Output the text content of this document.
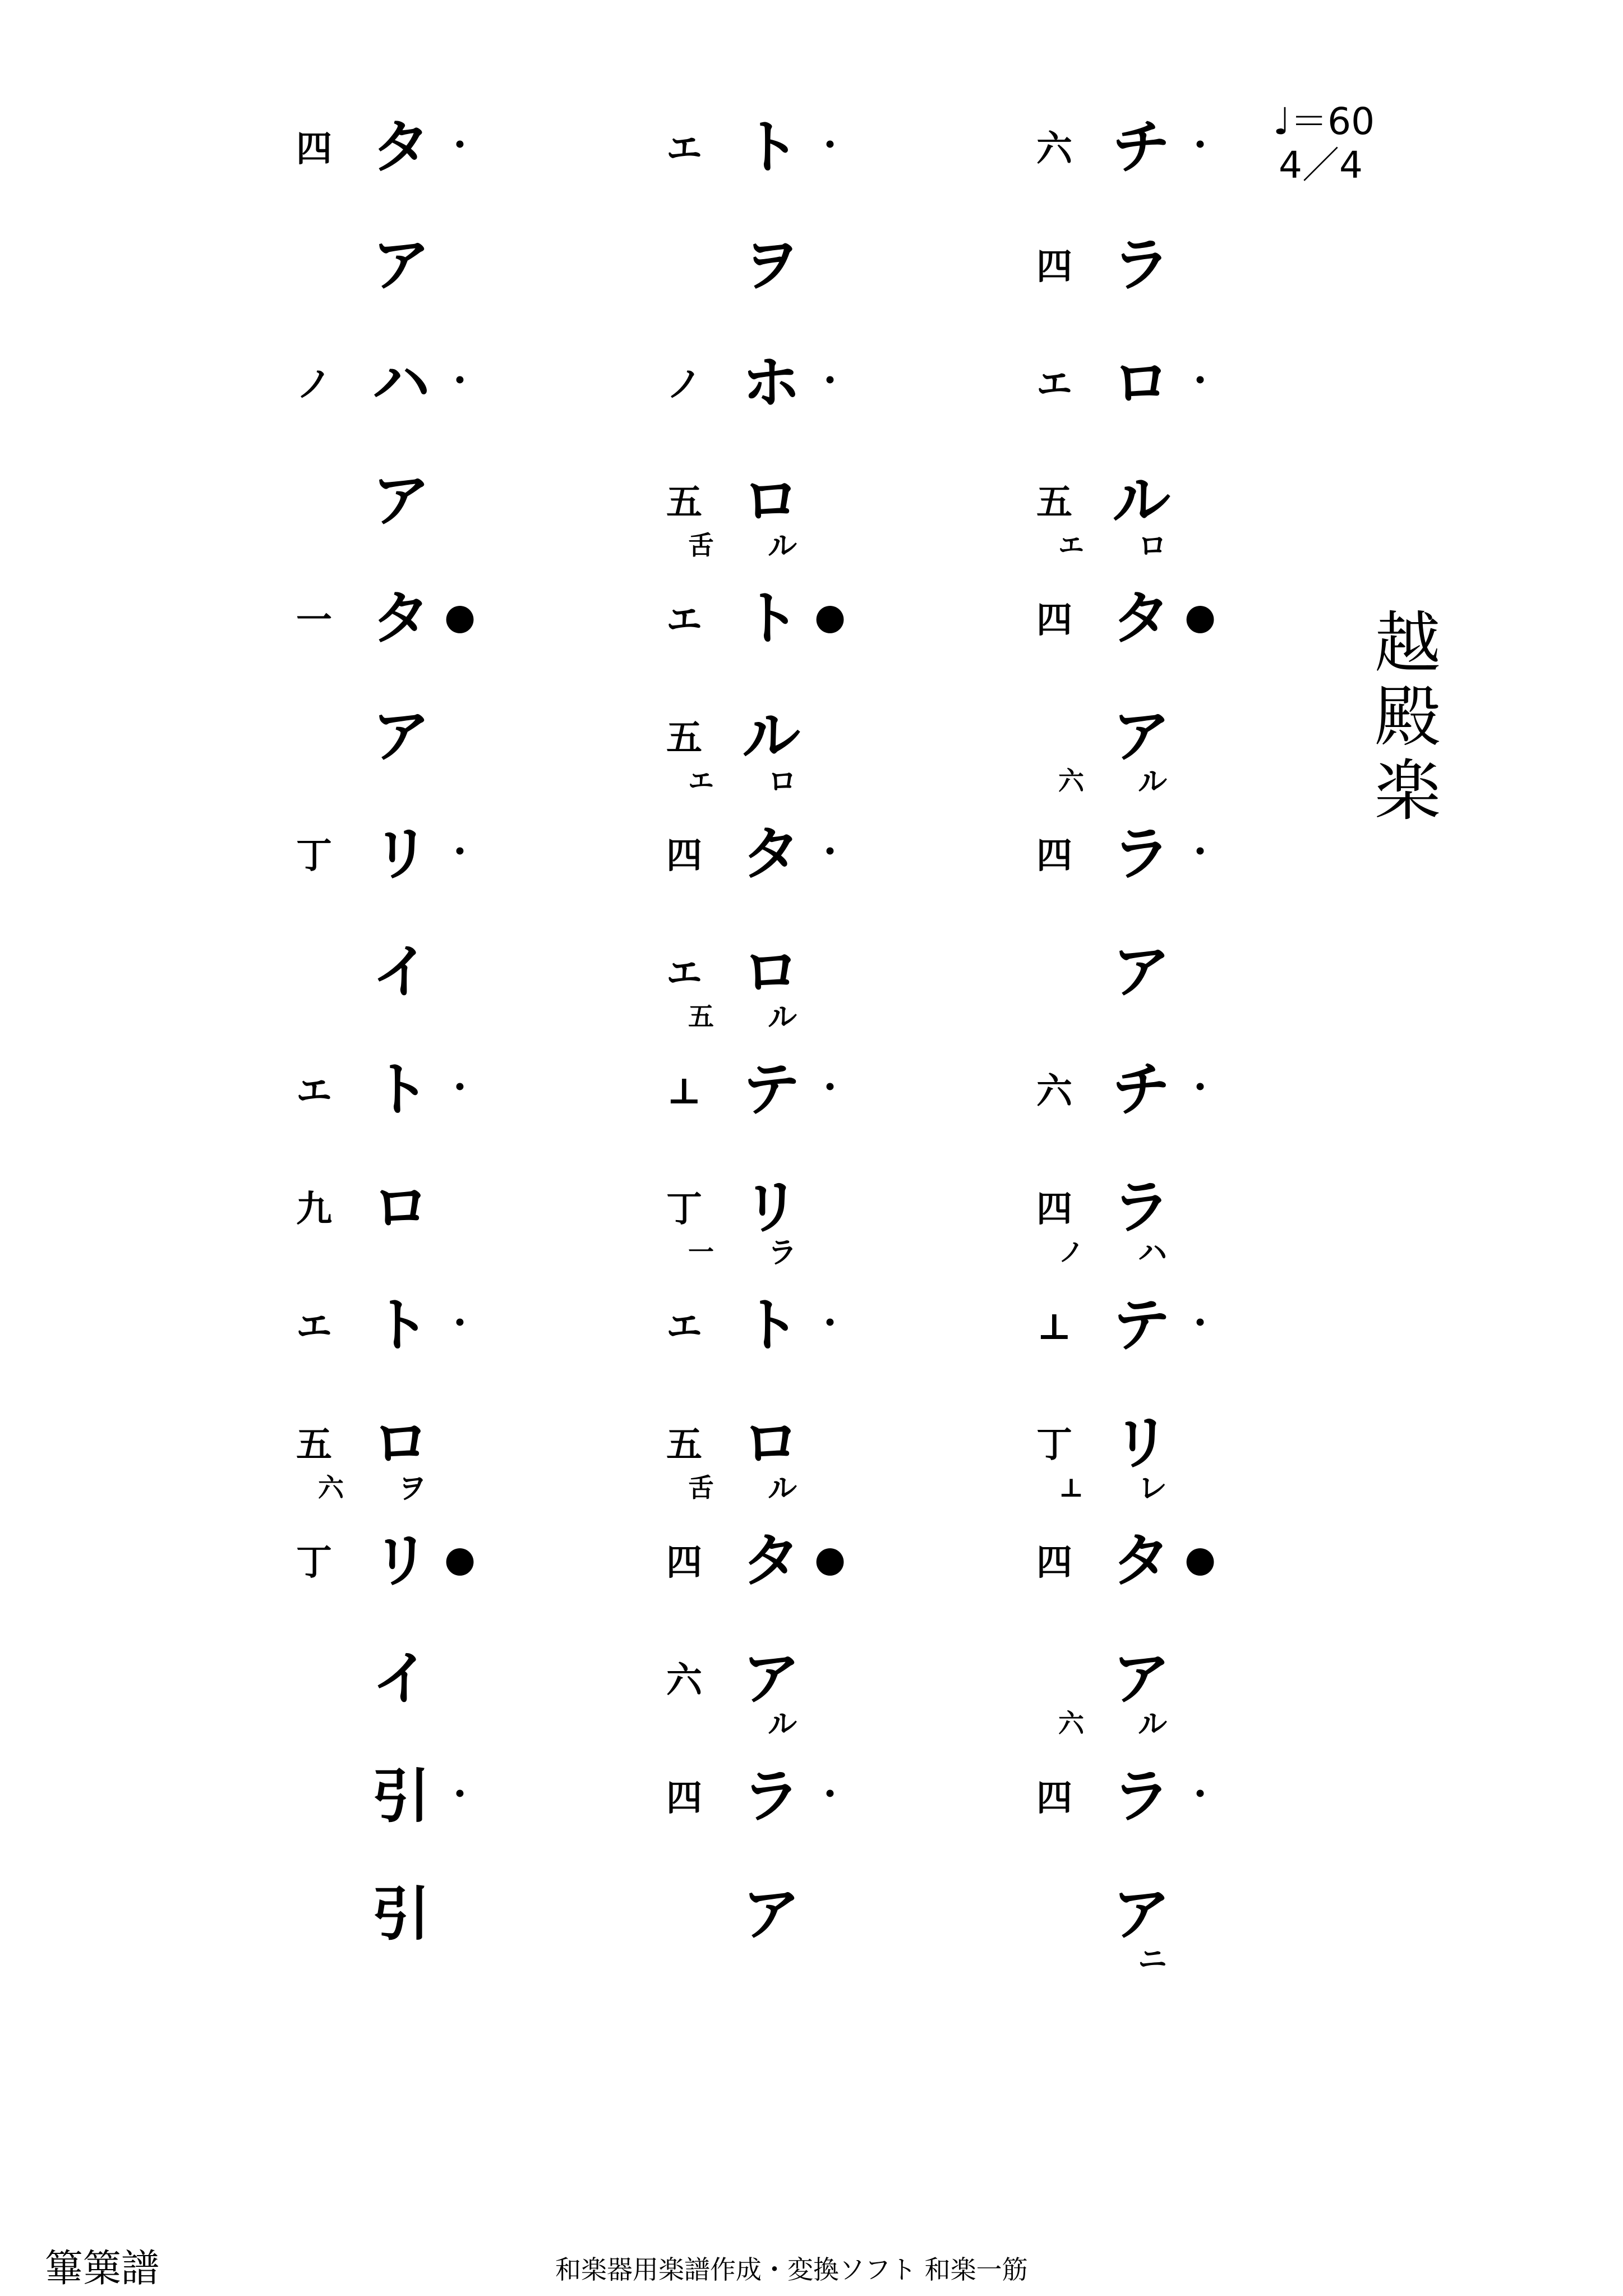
越殿楽
♩＝60
4／4
六 チ ・
四 ラ
エ ロ ・
五
エ
ル
ロ
四 タ ●
六
ア
ル
四 ラ ・
ア
六 チ ・
四
ノ
ラ
ハ
⊥ テ ・
丁
⊥
リ
レ
四 タ ●
六
ア
ル
四 ラ ・
ア
ニ
エ ト ・
ヲ
ノ ホ ・
五
舌
ロ
ル
エ ト ●
五
エ
ル
ロ
四 タ ・
エ
五
ロ
ル
⊥ テ ・
丁
一
リ
ラ
エ ト ・
五
舌
ロ
ル
四 タ ●
六 ア
ル
四 ラ ・
ア
四 タ ・
ア
ノ ハ ・
ア
一 タ ●
ア
丁 リ ・
イ
エ ト ・
九 ロ
エ ト ・
五
六
ロ
ヲ
丁 リ ●
イ
引 ・
引
篳篥譜	和楽器用楽譜作成・変換ソフト 和楽一筋
